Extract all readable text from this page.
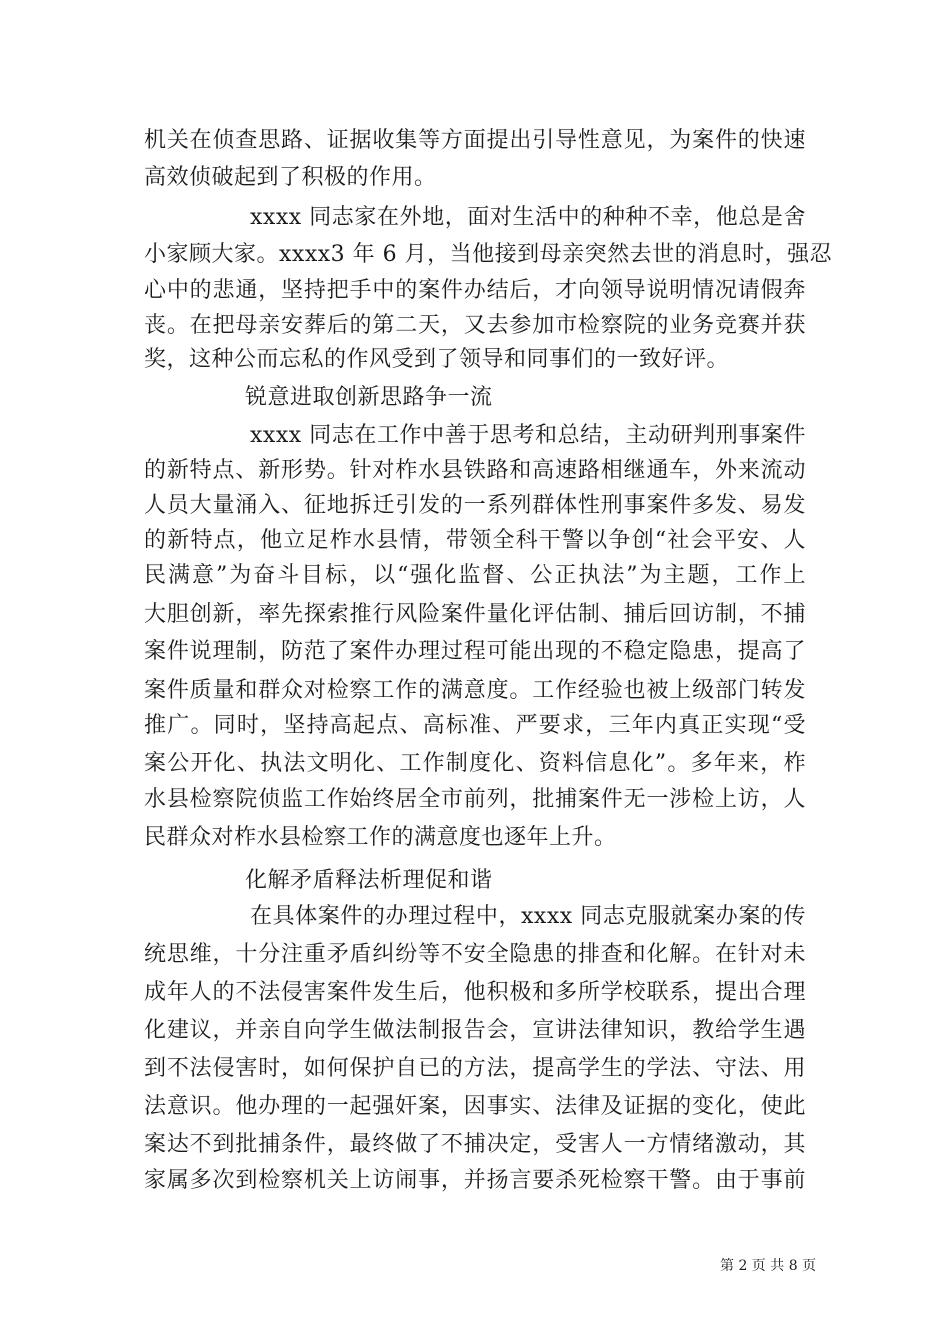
机关在侦查思路、证据收集等方面提出引导性意见，为案件的快速
高效侦破起到了积极的作用。
xxxx 同志家在外地，面对生活中的种种不幸，他总是舍
小家顾大家。xxxx3 年 6 月，当他接到母亲突然去世的消息时，强忍
心中的悲通，坚持把手中的案件办结后，才向领导说明情况请假奔
丧。在把母亲安葬后的第二天，又去参加市检察院的业务竞赛并获
奖，这种公而忘私的作风受到了领导和同事们的一致好评。
锐意进取创新思路争一流
xxxx 同志在工作中善于思考和总结，主动研判刑事案件
的新特点、新形势。针对柞水县铁路和高速路相继通车，外来流动
人员大量涌入、征地拆迁引发的一系列群体性刑事案件多发、易发
的新特点，他立足柞水县情，带领全科干警以争创“社会平安、人
民满意”为奋斗目标，以“强化监督、公正执法”为主题，工作上
大胆创新，率先探索推行风险案件量化评估制、捕后回访制，不捕
案件说理制，防范了案件办理过程可能出现的不稳定隐患，提高了
案件质量和群众对检察工作的满意度。工作经验也被上级部门转发
推广。同时，坚持高起点、高标准、严要求，三年内真正实现“受
案公开化、执法文明化、工作制度化、资料信息化”。多年来，柞
水县检察院侦监工作始终居全市前列，批捕案件无一涉检上访，人
民群众对柞水县检察工作的满意度也逐年上升。
化解矛盾释法析理促和谐
在具体案件的办理过程中，xxxx 同志克服就案办案的传
统思维，十分注重矛盾纠纷等不安全隐患的排查和化解。在针对未
成年人的不法侵害案件发生后，他积极和多所学校联系，提出合理
化建议，并亲自向学生做法制报告会，宣讲法律知识，教给学生遇
到不法侵害时，如何保护自已的方法，提高学生的学法、守法、用
法意识。他办理的一起强奸案，因事实、法律及证据的变化，使此
案达不到批捕条件，最终做了不捕决定，受害人一方情绪激动，其
家属多次到检察机关上访闹事，并扬言要杀死检察干警。由于事前
第 2 页 共 8 页
